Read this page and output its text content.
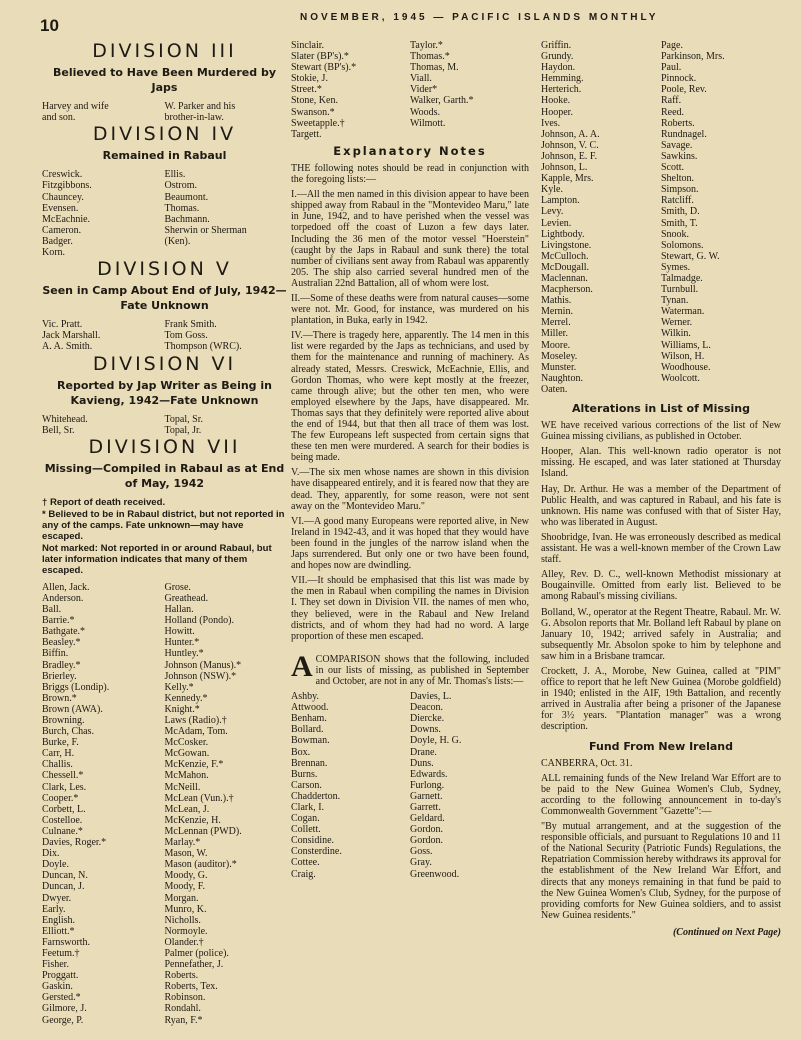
10	NOVEMBER, 1945 — PACIFIC ISLANDS MONTHLY
DIVISION III
Believed to Have Been Murdered by Japs
Harvey and wife
and son.
W. Parker and his
brother-in-law.
DIVISION IV
Remained in Rabaul
Creswick.
Fitzgibbons.
Chauncey.
Evensen.
McEachnie.
Cameron.
Badger.
Korn.
Ellis.
Ostrom.
Beaumont.
Thomas.
Bachmann.
Sherwin or Sherman
(Ken).
DIVISION V
Seen in Camp About End of July, 1942—Fate Unknown
Vic. Pratt.
Jack Marshall.
A. A. Smith.
Frank Smith.
Tom Goss.
Thompson (WRC).
DIVISION VI
Reported by Jap Writer as Being in Kavieng, 1942—Fate Unknown
Whitehead.
Bell, Sr.
Topal, Sr.
Topal, Jr.
DIVISION VII
Missing—Compiled in Rabaul as at End of May, 1942
† Report of death received.
* Believed to be in Rabaul district, but not reported in any of the camps. Fate unknown—may have escaped.
Not marked: Not reported in or around Rabaul, but later information indicates that many of them escaped.
Allen, Jack.
Anderson.
Ball.
Barrie.*
Bathgate.*
Beasley.*
Biffin.
Bradley.*
Brierley.
Briggs (Londip).
Brown.*
Brown (AWA).
Browning.
Burch, Chas.
Burke, F.
Carr, H.
Challis.
Chessell.*
Clark, Les.
Cooper.*
Corbett, L.
Costelloe.
Culnane.*
Davies, Roger.*
Dix.
Doyle.
Duncan, N.
Duncan, J.
Dwyer.
Early.
English.
Elliott.*
Farnsworth.
Feetum.†
Fisher.
Proggatt.
Gaskin.
Gersted.*
Gilmore, J.
George, P.
Grose.
Greathead.
Hallan.
Holland (Pondo).
Howitt.
Hunter.*
Huntley.*
Johnson (Manus).*
Johnson (NSW).*
Kelly.*
Kennedy.*
Knight.*
Laws (Radio).†
McAdam, Tom.
McCosker.
McGowan.
McKenzie, F.*
McMahon.
McNeill.
McLean (Vun.).†
McLean, J.
McKenzie, H.
McLennan (PWD).
Marlay.*
Mason, W.
Mason (auditor).*
Moody, G.
Moody, F.
Morgan.
Munro, K.
Nicholls.
Normoyle.
Olander.†
Palmer (police).
Pennefather, J.
Roberts.
Roberts, Tex.
Robinson.
Rondahl.
Ryan, F.*
Sinclair.
Slater (BP's).*
Stewart (BP's).*
Stokie, J.
Street.*
Stone, Ken.
Swanson.*
Sweetapple.†
Targett.
Taylor.*
Thomas.*
Thomas, M.
Viall.
Vider*
Walker, Garth.*
Woods.
Wilmott.
Explanatory Notes

THE following notes should be read in conjunction with the foregoing lists:—

I.—All the men named in this division appear to have been shipped away from Rabaul in the "Montevideo Maru," late in June, 1942, and to have perished when the vessel was torpedoed off the coast of Luzon a few days later. Including the 36 men of the motor vessel "Hoerstein" (caught by the Japs in Rabaul and sunk there) the total number of civilians sent away from Rabaul was apparently 205. The ship also carried several hundred men of the Australian 22nd Battalion, all of whom were lost.

II.—Some of these deaths were from natural causes—some were not. Mr. Good, for instance, was murdered on his plantation, in Buka, early in 1942.

IV.—There is tragedy here, apparently. The 14 men in this list were regarded by the Japs as technicians, and used by them for the maintenance and running of machinery. As already stated, Messrs. Creswick, McEachnie, Ellis, and Gordon Thomas, who were kept mostly at the freezer, came through alive; but the other ten men, who were employed elsewhere by the Japs, have disappeared. Mr. Thomas says that they definitely were reported alive about the end of 1944, but that then all trace of them was lost. The few Europeans left suspected from certain signs that these ten men were murdered. A search for their bodies is being made.

V.—The six men whose names are shown in this division have disappeared entirely, and it is feared now that they are dead. They, apparently, for some reason, were not sent away on the "Montevideo Maru."

VI.—A good many Europeans were reported alive, in New Ireland in 1942-43, and it was hoped that they would have been found in the jungles of the narrow island when the Japs surrendered. But only one or two have been found, and hopes now are dwindling.

VII.—It should be emphasised that this list was made by the men in Rabaul when compiling the names in Division I. They set down in Division VII. the names of men who, they believed, were in the Rabaul and New Ireland districts, and of whom they had had no word. A large proportion of these men escaped.

ACOMPARISON shows that the following, included in our lists of missing, as published in September and October, are not in any of Mr. Thomas's lists:—

Ashby.
Attwood.
Benham.
Bollard.
Bowman.
Box.
Brennan.
Burns.
Carson.
Chadderton.
Clark, I.
Cogan.
Collett.
Considine.
Consterdine.
Cottee.
Craig.
Davies, L.
Deacon.
Diercke.
Downs.
Doyle, H. G.
Drane.
Duns.
Edwards.
Furlong.
Garnett.
Garrett.
Geldard.
Gordon.
Gordon.
Goss.
Gray.
Greenwood.
Griffin.
Grundy.
Haydon.
Hemming.
Herterich.
Hooke.
Hooper.
Ives.
Johnson, A. A.
Johnson, V. C.
Johnson, E. F.
Johnson, L.
Kapple, Mrs.
Kyle.
Lampton.
Levy.
Levien.
Lightbody.
Livingstone.
McCulloch.
McDougall.
Maclennan.
Macpherson.
Mathis.
Mernin.
Merrel.
Miller.
Moore.
Moseley.
Munster.
Naughton.
Oaten.
Page.
Parkinson, Mrs.
Paul.
Pinnock.
Poole, Rev.
Raff.
Reed.
Roberts.
Rundnagel.
Savage.
Sawkins.
Scott.
Shelton.
Simpson.
Ratcliff.
Smith, D.
Smith, T.
Snook.
Solomons.
Stewart, G. W.
Symes.
Talmadge.
Turnbull.
Tynan.
Waterman.
Werner.
Wilkin.
Williams, L.
Wilson, H.
Woodhouse.
Woolcott.
Alterations in List of Missing

WE have received various corrections of the list of New Guinea missing civilians, as published in October.

Hooper, Alan. This well-known radio operator is not missing. He escaped, and was later stationed at Thursday Island.

Hay, Dr. Arthur. He was a member of the Department of Public Health, and was captured in Rabaul, and his fate is unknown. His name was confused with that of Sister Hay, who was liberated in August.

Shoobridge, Ivan. He was erroneously described as medical assistant. He was a well-known member of the Crown Law staff.

Alley, Rev. D. C., well-known Methodist missionary at Bougainville. Omitted from early list. Believed to be among Rabaul's missing civilians.

Bolland, W., operator at the Regent Theatre, Rabaul. Mr. W. G. Absolon reports that Mr. Bolland left Rabaul by plane on January 10, 1942; arrived safely in Australia; and subsequently Mr. Absolon spoke to him by telephone and saw him in a Brisbane tramcar.

Crockett, J. A., Morobe, New Guinea, called at "PIM" office to report that he left New Guinea (Morobe goldfield) in 1940; enlisted in the AIF, 19th Battalion, and recently arrived in Australia after being a prisoner of the Japanese for 3½ years. "Plantation manager" was a wrong description.

Fund From New Ireland

CANBERRA, Oct. 31.

ALL remaining funds of the New Ireland War Effort are to be paid to the New Guinea Women's Club, Sydney, according to the following announcement in to-day's Commonwealth Government "Gazette":—

"By mutual arrangement, and at the suggestion of the responsible officials, and pursuant to Regulations 10 and 11 of the National Security (Patriotic Funds) Regulations, the Repatriation Commission hereby withdraws its approval for the establishment of the New Ireland War Effort, and directs that any moneys remaining in that fund be paid to the New Guinea Women's Club, Sydney, for the purpose of providing comforts for New Guinea soldiers, and to assist New Guinea residents."

(Continued on Next Page)
